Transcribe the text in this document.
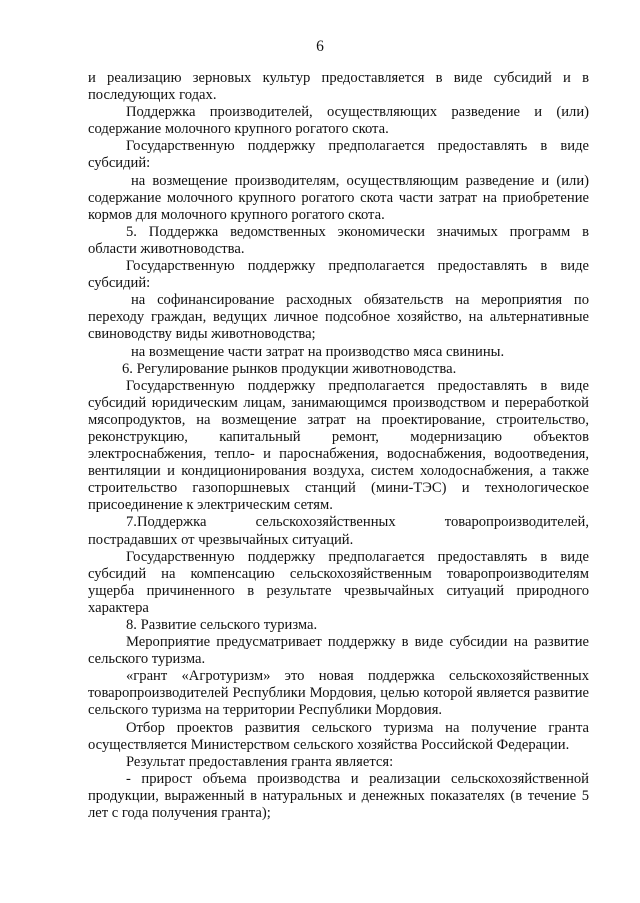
6

и реализацию зерновых культур предоставляется в виде субсидий и в последующих годах.

Поддержка производителей, осуществляющих разведение и (или) содержание молочного крупного рогатого скота.

Государственную поддержку предполагается предоставлять в виде субсидий:

на возмещение производителям, осуществляющим разведение и (или) содержание молочного крупного рогатого скота части затрат на приобретение кормов для молочного крупного рогатого скота.

5. Поддержка ведомственных экономически значимых программ в области животноводства.

Государственную поддержку предполагается предоставлять в виде субсидий:

на софинансирование расходных обязательств на мероприятия по переходу граждан, ведущих личное подсобное хозяйство, на альтернативные свиноводству виды животноводства;

на возмещение части затрат на производство мяса свинины.

6. Регулирование рынков продукции животноводства.

Государственную поддержку предполагается предоставлять в виде субсидий юридическим лицам, занимающимся производством и переработкой мясопродуктов, на возмещение затрат на проектирование, строительство, реконструкцию, капитальный ремонт, модернизацию объектов электроснабжения, тепло- и пароснабжения, водоснабжения, водоотведения, вентиляции и кондиционирования воздуха, систем холодоснабжения, а также строительство газопоршневых станций (мини-ТЭС) и технологическое присоединение к электрическим сетям.

7.Поддержка сельскохозяйственных товаропроизводителей, пострадавших от чрезвычайных ситуаций.

Государственную поддержку предполагается предоставлять в виде субсидий на компенсацию сельскохозяйственным товаропроизводителям ущерба причиненного в результате чрезвычайных ситуаций природного характера

8. Развитие сельского туризма.

Мероприятие предусматривает поддержку в виде субсидии на развитие сельского туризма.

«грант «Агротуризм» это новая поддержка сельскохозяйственных товаропроизводителей Республики Мордовия, целью которой является развитие сельского туризма на территории Республики Мордовия.

Отбор проектов развития сельского туризма на получение гранта осуществляется Министерством сельского хозяйства Российской Федерации.

Результат предоставления гранта является:

- прирост объема производства и реализации сельскохозяйственной продукции, выраженный в натуральных и денежных показателях (в течение 5 лет с года получения гранта);
